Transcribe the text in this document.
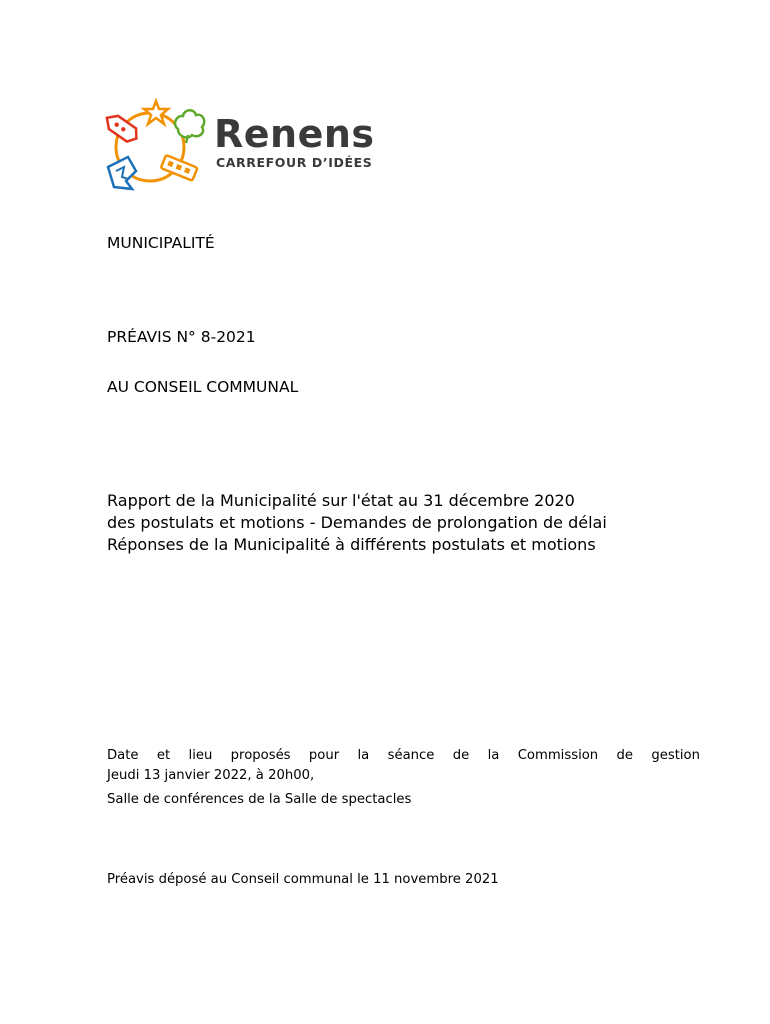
Renens
CARREFOUR D’IDÉES
MUNICIPALITÉ
PRÉAVIS N° 8-2021
AU CONSEIL COMMUNAL
Rapport de la Municipalité sur l'état au 31 décembre 2020
des postulats et motions - Demandes de prolongation de délai
Réponses de la Municipalité à différents postulats et motions
Date et lieu proposés pour la séance de la Commission de gestion
Jeudi 13 janvier 2022, à 20h00,
Salle de conférences de la Salle de spectacles
Préavis déposé au Conseil communal le 11 novembre 2021
